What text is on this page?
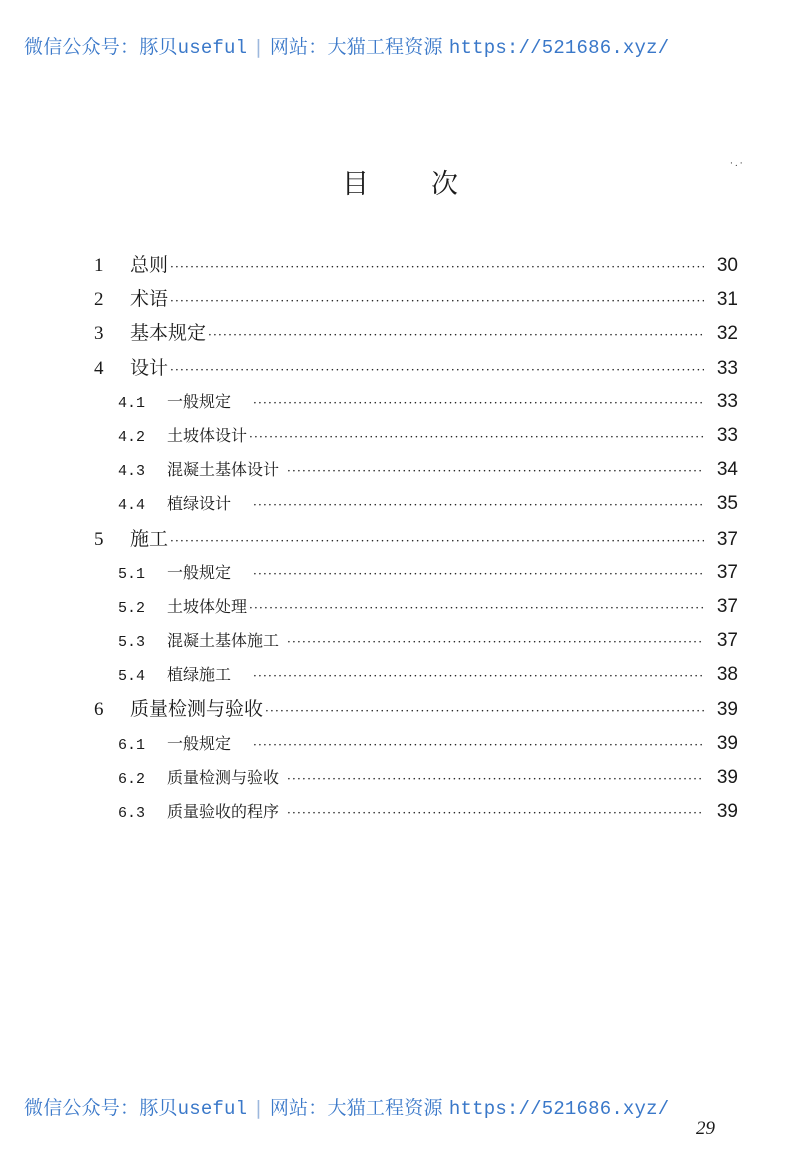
微信公众号：豚贝useful | 网站：大猫工程资源 https://521686.xyz/
·.·
目 次
1	总则 ·····	30
2	术语 ·····	31
3	基本规定 ·····	32
4	设计 ·····	33
4.1	一般规定 ·····	33
4.2	土坡体设计 ·····	33
4.3	混凝土基体设计 ·····	34
4.4	植绿设计 ·····	35
5	施工 ·····	37
5.1	一般规定 ·····	37
5.2	土坡体处理 ·····	37
5.3	混凝土基体施工 ·····	37
5.4	植绿施工 ·····	38
6	质量检测与验收 ·····	39
6.1	一般规定 ·····	39
6.2	质量检测与验收 ·····	39
6.3	质量验收的程序 ·····	39
微信公众号：豚贝useful | 网站：大猫工程资源 https://521686.xyz/
29
